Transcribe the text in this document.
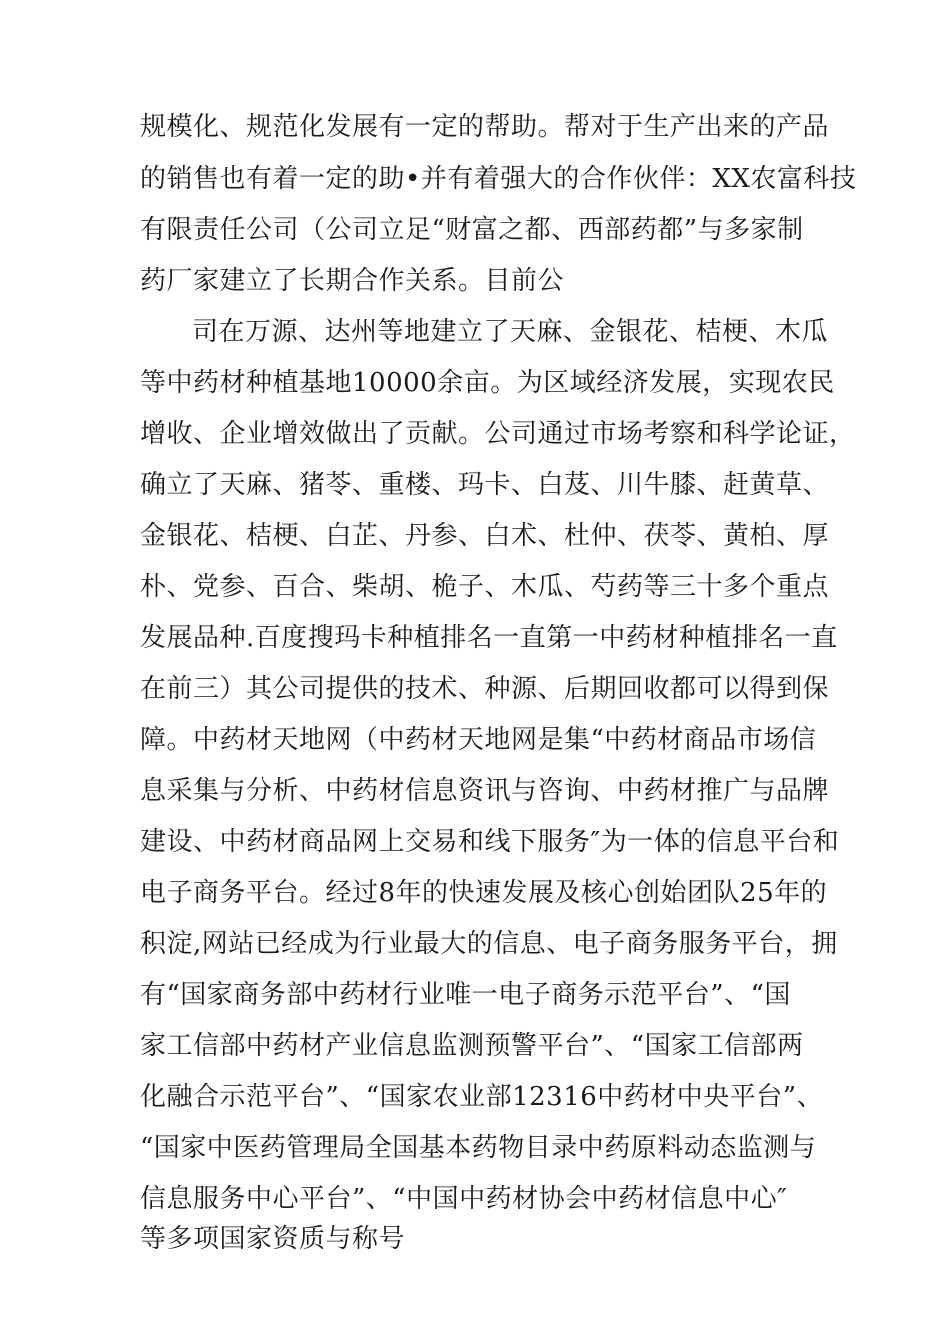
规模化、规范化发展有一定的帮助。帮对于生产出来的产品
的销售也有着一定的助•并有着强大的合作伙伴：XX农富科技
有限责任公司（公司立足“财富之都、西部药都”与多家制
药厂家建立了长期合作关系。目前公
司在万源、达州等地建立了天麻、金银花、桔梗、木瓜
等中药材种植基地10000余亩。为区域经济发展，实现农民
增收、企业增效做出了贡献。公司通过市场考察和科学论证，
确立了天麻、猪苓、重楼、玛卡、白芨、川牛膝、赶黄草、
金银花、桔梗、白芷、丹参、白术、杜仲、茯苓、黄柏、厚
朴、党参、百合、柴胡、桅子、木瓜、芍药等三十多个重点
发展品种.百度搜玛卡种植排名一直第一中药材种植排名一直
在前三）其公司提供的技术、种源、后期回收都可以得到保
障。中药材天地网（中药材天地网是集“中药材商品市场信
息采集与分析、中药材信息资讯与咨询、中药材推广与品牌
建设、中药材商品网上交易和线下服务″为一体的信息平台和
电子商务平台。经过8年的快速发展及核心创始团队25年的
积淀,网站已经成为行业最大的信息、电子商务服务平台，拥
有“国家商务部中药材行业唯一电子商务示范平台”、“国
家工信部中药材产业信息监测预警平台”、“国家工信部两
化融合示范平台”、“国家农业部12316中药材中央平台”、
“国家中医药管理局全国基本药物目录中药原料动态监测与
信息服务中心平台”、“中国中药材协会中药材信息中心″
等多项国家资质与称号
